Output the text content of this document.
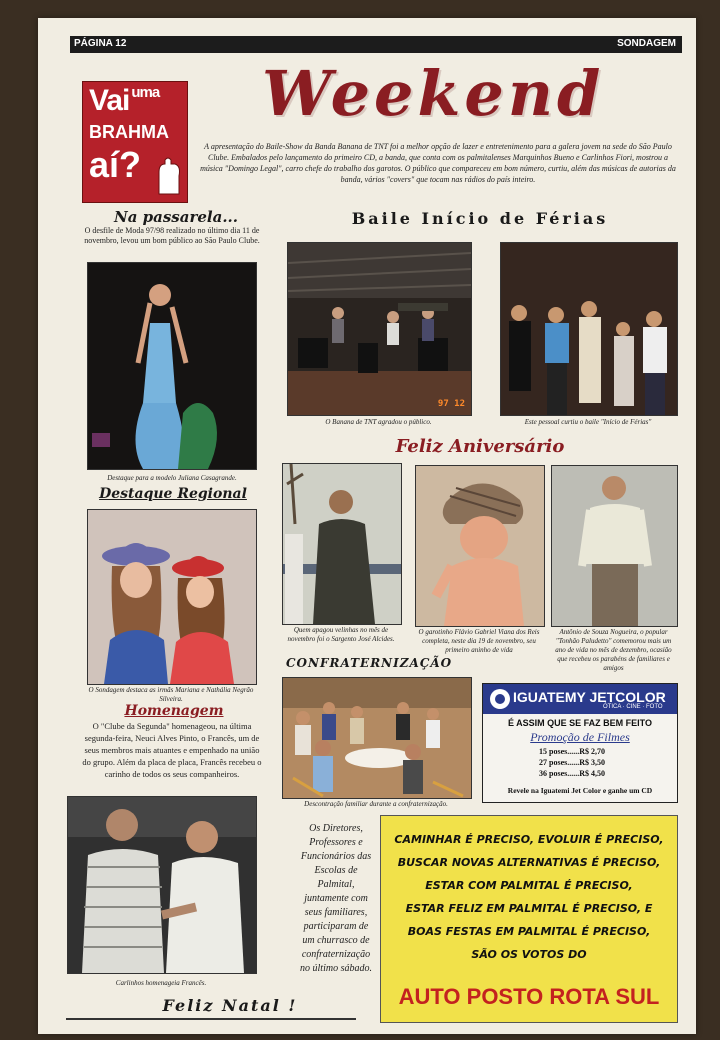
PÁGINA 12	SONDAGEM
Vai $^{uma}$
BRAHMA
aí?
Weekend
A apresentação do Baile-Show da Banda Banana de TNT foi a melhor opção de lazer e entretenimento para a galera jovem na sede do São Paulo Clube. Embalados pelo lançamento do primeiro CD, a banda, que conta com os palmitalenses Marquinhos Bueno e Carlinhos Fiori, mostrou a música "Domingo Legal", carro chefe do trabalho dos garotos. O público que compareceu em bom número, curtiu, além das músicas de autorias da banda, vários "covers" que tocam nas rádios do país inteiro.
Na passarela...
O desfile de Moda 97/98 realizado no último dia 11 de novembro, levou um bom público ao São Paulo Clube.
Destaque para a modelo Juliana Casagrande.
Baile Início de Férias
97 12
O Banana de TNT agradou o público.	Este pessoal curtiu o baile "Início de Férias"
Feliz Aniversário
Quem apagou velinhas no mês de novembro foi o Sargento José Alcides.
O garotinho Flávio Gabriel Viana dos Reis completa, neste dia 19 de novembro, seu primeiro aninho de vida
Antônio de Souza Nogueira, o popular "Tonhão Paludetto" comemorou mais um ano de vida no mês de dezembro, ocasião que recebeu os parabéns de familiares e amigos
Destaque Regional
O Sondagem destaca as irmãs Mariana e Nathália Negrão Silveira.
Homenagem
O "Clube da Segunda" homenageou, na última segunda-feira, Neuci Alves Pinto, o Francês, um de seus membros mais atuantes e empenhado na união do grupo. Além da placa de placa, Francês recebeu o carinho de todos os seus companheiros.
Carlinhos homenageia Francês.
CONFRATERNIZAÇÃO
Descontração familiar durante a confraternização.
IGUATEMY JETCOLOR
ÓTICA · CINE · FOTO
É ASSIM QUE SE FAZ BEM FEITO
Promoção de Filmes
15 poses......R$ 2,70
27 poses......R$ 3,50
36 poses......R$ 4,50
Revele na Iguatemi Jet Color e ganhe um CD
Os Diretores, Professores e Funcionários das Escolas de Palmital, juntamente com seus familiares, participaram de um churrasco de confraternização no último sábado.
CAMINHAR É PRECISO, EVOLUIR É PRECISO,
BUSCAR NOVAS ALTERNATIVAS É PRECISO,
ESTAR COM PALMITAL É PRECISO,
ESTAR FELIZ EM PALMITAL É PRECISO, E
BOAS FESTAS EM PALMITAL É PRECISO,
SÃO OS VOTOS DO
AUTO POSTO ROTA SUL
Feliz Natal !
